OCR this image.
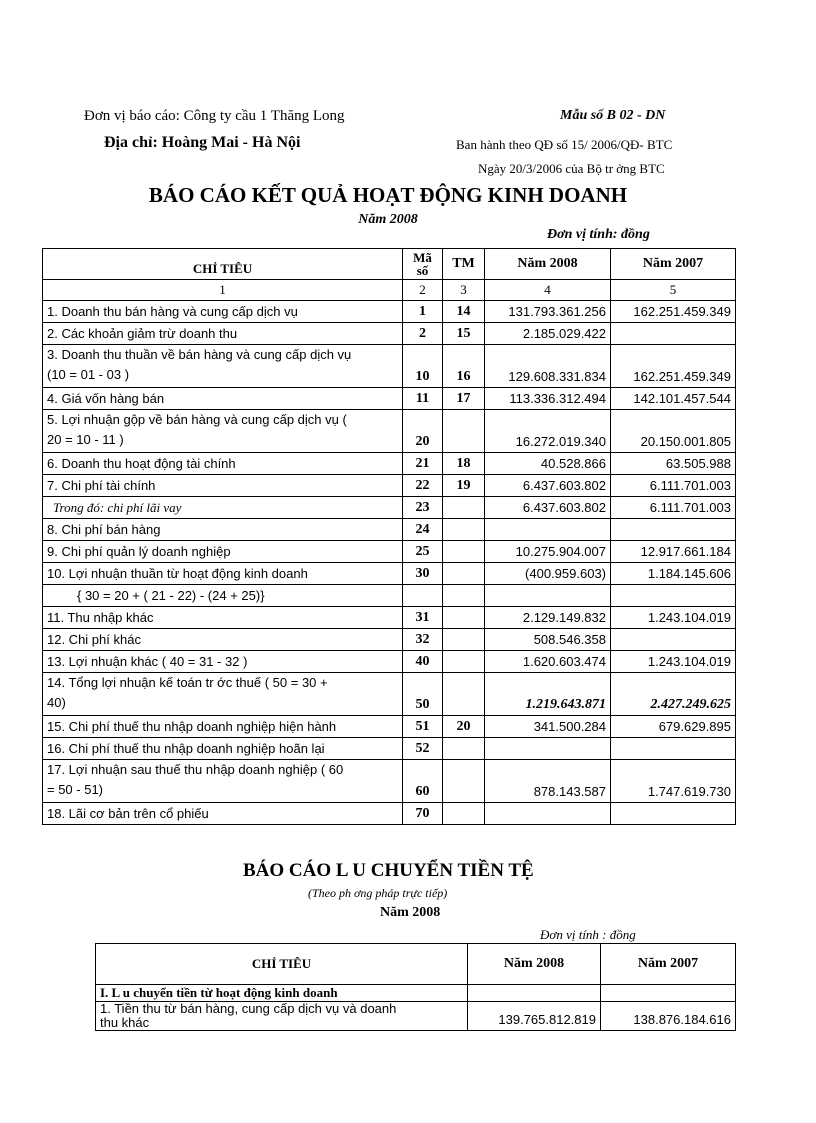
Đơn vị báo cáo: Công ty cầu 1 Thăng Long
Địa chỉ: Hoàng Mai - Hà Nội
Mẫu số B 02 - DN
Ban hành theo QĐ số 15/ 2006/QĐ- BTC
Ngày 20/3/2006 của Bộ tr ởng BTC
BÁO CÁO KẾT QUẢ HOẠT ĐỘNG KINH DOANH
Năm 2008
Đơn vị tính: đồng
CHỈ TIÊU	Mã số	TM	Năm 2008	Năm 2007
1	2	3	4	5
1. Doanh thu bán hàng và cung cấp dịch vụ	1	14	131.793.361.256	162.251.459.349
2. Các khoản giảm trừ doanh thu	2	15	2.185.029.422	

3. Doanh thu thuần về bán hàng và cung cấp dịch vụ
(10 = 01 - 03 )	10	16	129.608.331.834	162.251.459.349
4. Giá vốn hàng bán	11	17	113.336.312.494	142.101.457.544

5. Lợi nhuận gộp về bán hàng và cung cấp dịch vụ (
20 = 10 - 11 )	20		16.272.019.340	20.150.001.805
6. Doanh thu hoạt động tài chính	21	18	40.528.866	63.505.988
7. Chi phí tài chính	22	19	6.437.603.802	6.111.701.003
Trong đó: chi phí lãi vay	23		6.437.603.802	6.111.701.003
8. Chi phí bán hàng	24			
9. Chi phí quản lý doanh nghiệp	25		10.275.904.007	12.917.661.184
10. Lợi nhuận thuần từ hoạt động kinh doanh	30		(400.959.603)	1.184.145.606
{ 30 = 20 + ( 21 - 22) - (24 + 25)}				
11. Thu nhập khác	31		2.129.149.832	1.243.104.019
12. Chi phí khác	32		508.546.358	
13. Lợi nhuận khác ( 40 = 31 - 32 )	40		1.620.603.474	1.243.104.019

14. Tổng lợi nhuận kế toán tr ớc thuế ( 50 = 30 +
40)	50		1.219.643.871	2.427.249.625
15. Chi phí thuế thu nhập doanh nghiệp hiện hành	51	20	341.500.284	679.629.895
16. Chi phí thuế thu nhập doanh nghiệp hoãn lại	52			

17. Lợi nhuận sau thuế thu nhập doanh nghiệp ( 60
= 50 - 51)	60		878.143.587	1.747.619.730
18. Lãi cơ bản trên cổ phiếu	70			
BÁO CÁO L U CHUYỂN TIỀN TỆ
(Theo ph ơng pháp trực tiếp)
Năm 2008
Đơn vị tính : đồng
CHỈ TIÊU	Năm 2008	Năm 2007
I. L u chuyển tiền từ hoạt động kinh doanh		

1. Tiền thu từ bán hàng, cung cấp dịch vụ và doanh
thu khác	139.765.812.819	138.876.184.616
